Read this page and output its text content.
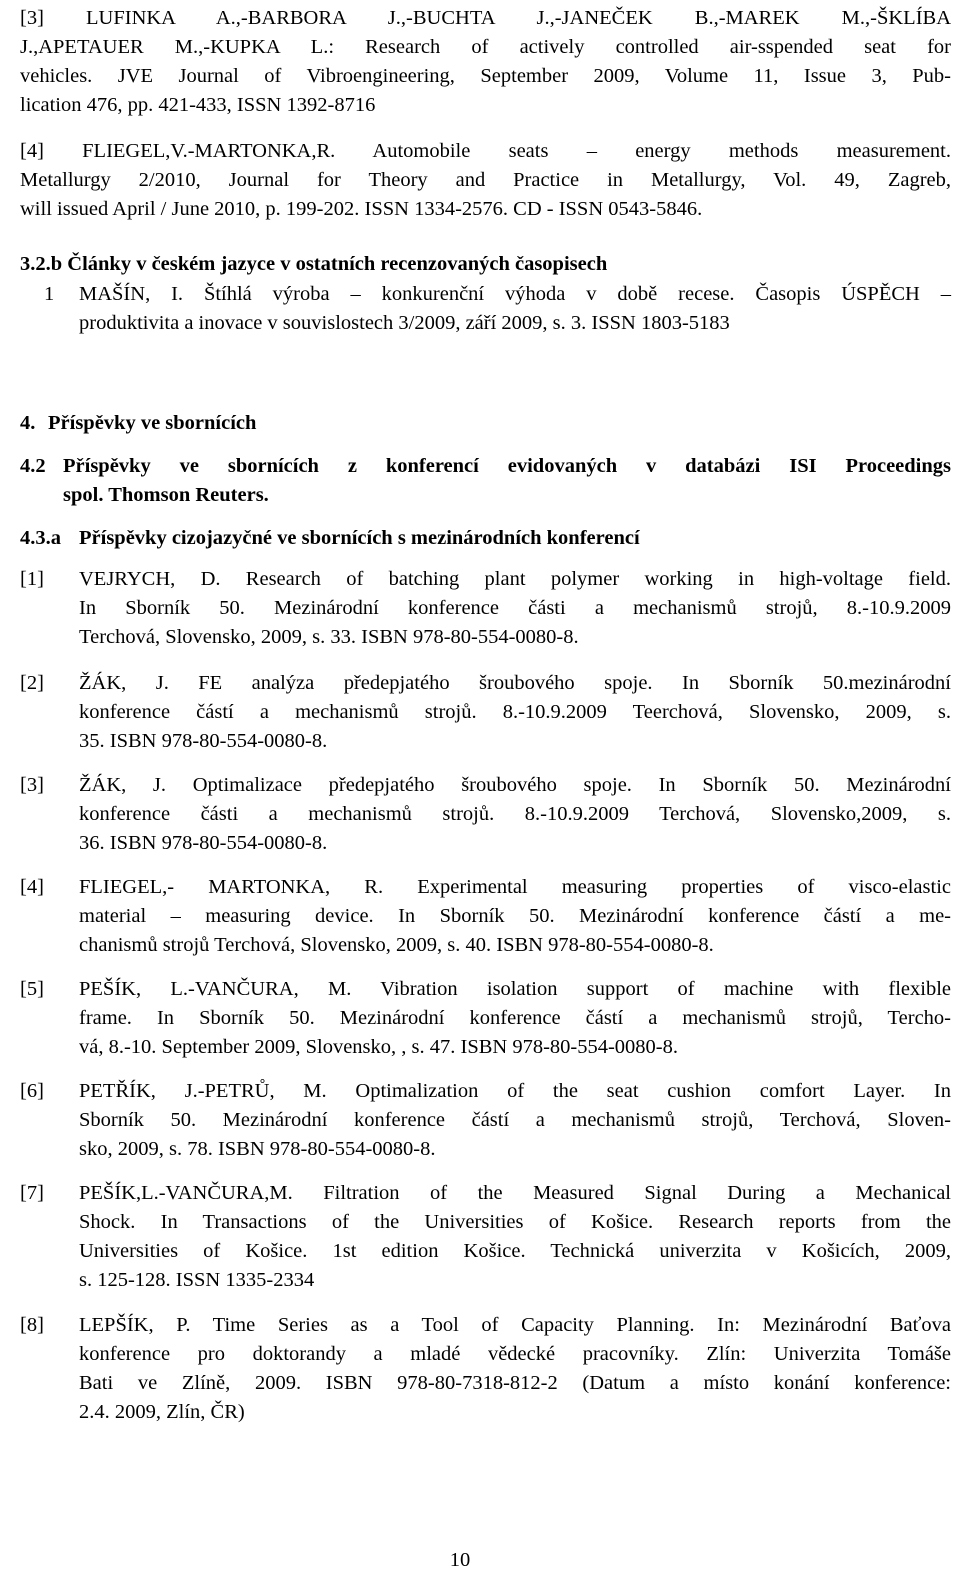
[3] LUFINKA A.,-BARBORA J.,-BUCHTA J.,-JANEČEK B.,-MAREK M.,-ŠKLÍBA
J.,APETAUER M.,-KUPKA L.: Research of actively controlled air-sspended seat for
vehicles. JVE Journal of Vibroengineering, September 2009, Volume 11, Issue 3, Pub-
lication 476, pp. 421-433, ISSN 1392-8716
[4] FLIEGEL,V.-MARTONKA,R. Automobile seats – energy methods measurement.
Metallurgy 2/2010, Journal for Theory and Practice in Metallurgy, Vol. 49, Zagreb,
will issued April / June 2010, p. 199-202. ISSN 1334-2576. CD - ISSN 0543-5846.
3.2.b Články v českém jazyce v ostatních recenzovaných časopisech
1 MAŠÍN, I. Štíhlá výroba – konkurenční výhoda v době recese. Časopis ÚSPĚCH –
produktivita a inovace v souvislostech 3/2009, září 2009, s. 3. ISSN 1803-5183
4. Příspěvky ve sbornících
4.2 Příspěvky ve sbornících z konferencí evidovaných v databázi ISI Proceedings
spol. Thomson Reuters.
4.3.a Příspěvky cizojazyčné ve sbornících s mezinárodních konferencí
[1] VEJRYCH, D. Research of batching plant polymer working in high-voltage field.
In Sborník 50. Mezinárodní konference části a mechanismů strojů, 8.-10.9.2009
Terchová, Slovensko, 2009, s. 33. ISBN 978-80-554-0080-8.
[2] ŽÁK, J. FE analýza předepjatého šroubového spoje. In Sborník 50.mezinárodní
konference částí a mechanismů strojů. 8.-10.9.2009 Teerchová, Slovensko, 2009, s.
35. ISBN 978-80-554-0080-8.
[3] ŽÁK, J. Optimalizace předepjatého šroubového spoje. In Sborník 50. Mezinárodní
konference části a mechanismů strojů. 8.-10.9.2009 Terchová, Slovensko,2009, s.
36. ISBN 978-80-554-0080-8.
[4] FLIEGEL,- MARTONKA, R. Experimental measuring properties of visco-elastic
material – measuring device. In Sborník 50. Mezinárodní konference částí a me-
chanismů strojů Terchová, Slovensko, 2009, s. 40. ISBN 978-80-554-0080-8.
[5] PEŠÍK, L.-VANČURA, M. Vibration isolation support of machine with flexible
frame. In Sborník 50. Mezinárodní konference částí a mechanismů strojů, Tercho-
vá, 8.-10. September 2009, Slovensko, , s. 47. ISBN 978-80-554-0080-8.
[6] PETŘÍK, J.-PETRŮ, M. Optimalization of the seat cushion comfort Layer. In
Sborník 50. Mezinárodní konference částí a mechanismů strojů, Terchová, Sloven-
sko, 2009, s. 78. ISBN 978-80-554-0080-8.
[7] PEŠÍK,L.-VANČURA,M. Filtration of the Measured Signal During a Mechanical
Shock. In Transactions of the Universities of Košice. Research reports from the
Universities of Košice. 1st edition Košice. Technická univerzita v Košicích, 2009,
s. 125-128. ISSN 1335-2334
[8] LEPŠÍK, P. Time Series as a Tool of Capacity Planning. In: Mezinárodní Baťova
konference pro doktorandy a mladé vědecké pracovníky. Zlín: Univerzita Tomáše
Bati ve Zlíně, 2009. ISBN 978-80-7318-812-2 (Datum a místo konání konference:
2.4. 2009, Zlín, ČR)
10
